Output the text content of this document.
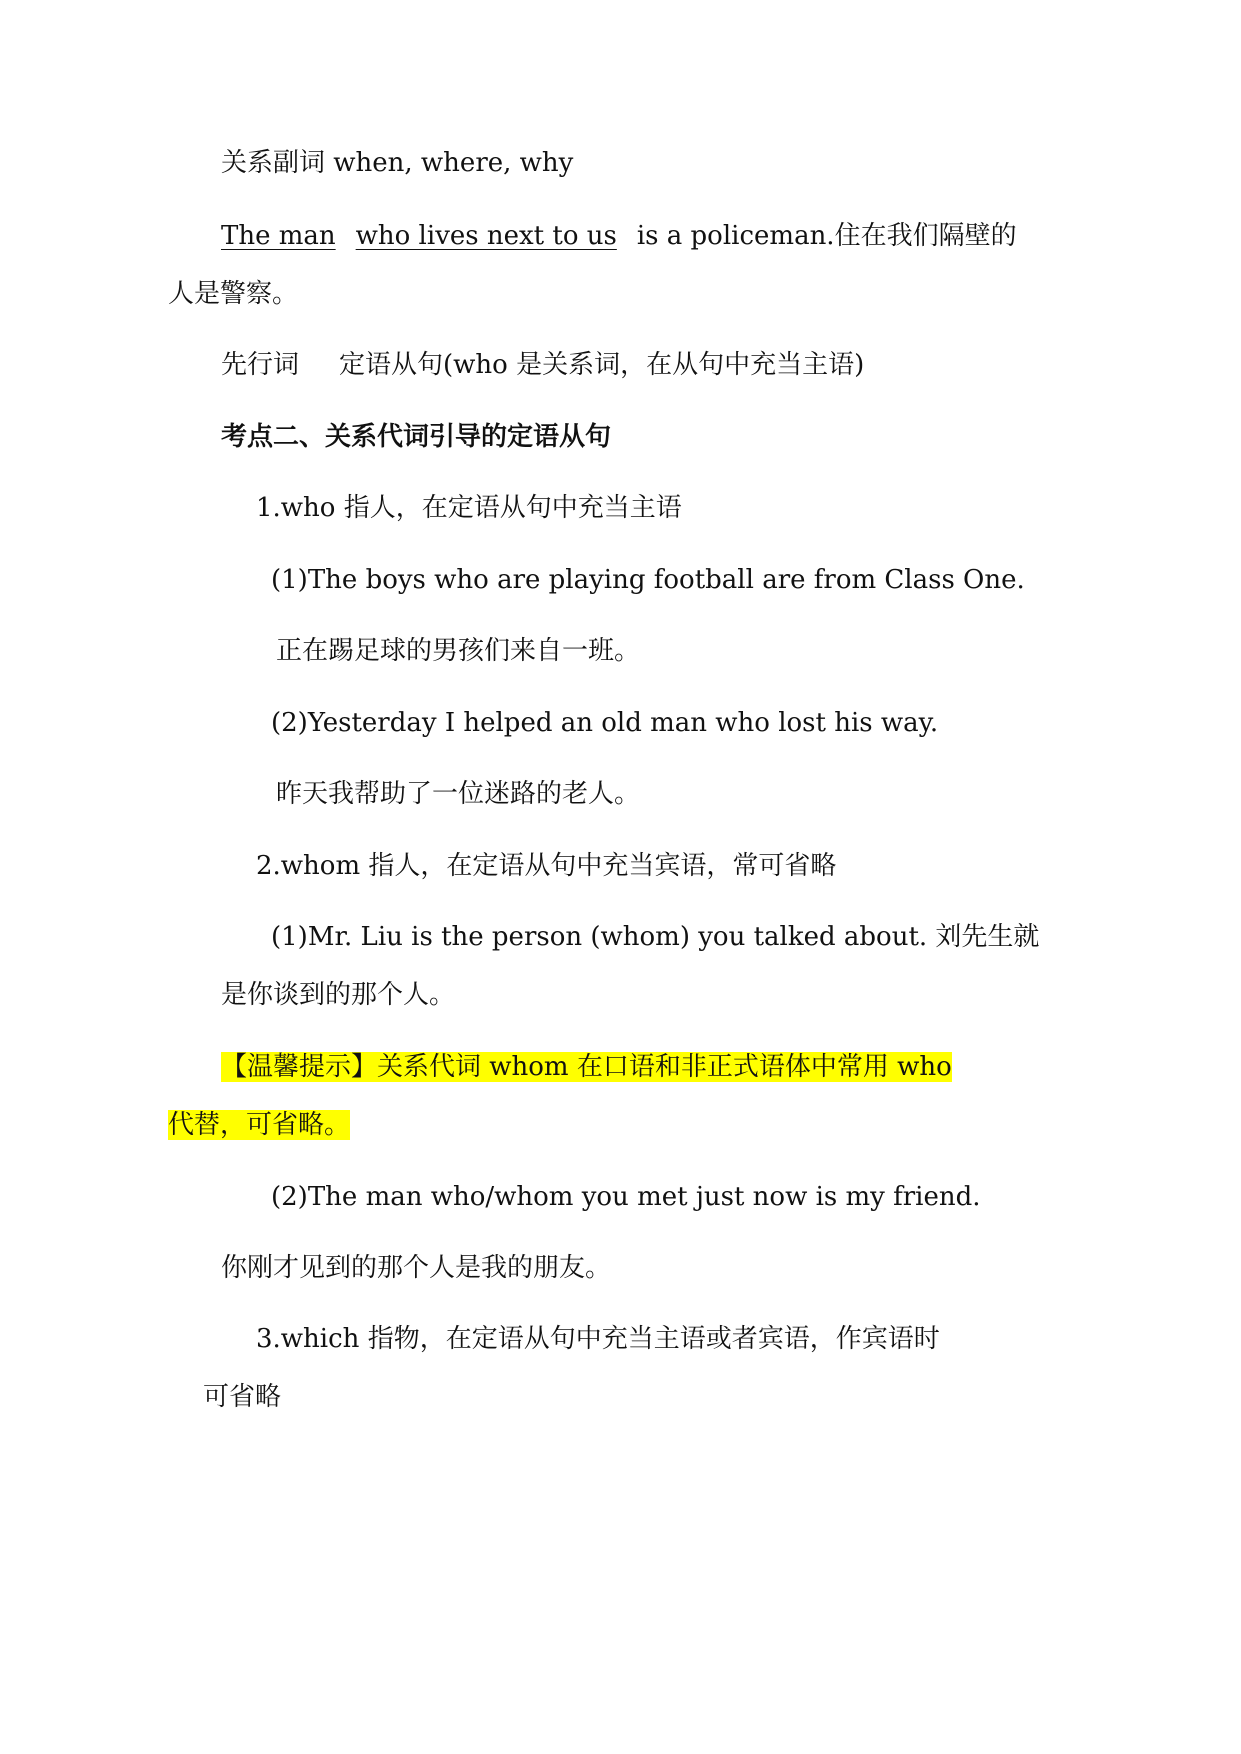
关系副词 when, where, why
The man who lives next to us is a policeman.住在我们隔壁的
人是警察。
先行词 定语从句(who 是关系词，在从句中充当主语)
考点二、关系代词引导的定语从句
1.who 指人，在定语从句中充当主语
(1)The boys who are playing football are from Class One.
正在踢足球的男孩们来自一班。
(2)Yesterday I helped an old man who lost his way.
昨天我帮助了一位迷路的老人。
2.whom 指人，在定语从句中充当宾语，常可省略
(1)Mr. Liu is the person (whom) you talked about. 刘先生就
是你谈到的那个人。
【温馨提示】关系代词 whom 在口语和非正式语体中常用 who
代替，可省略。
(2)The man who/whom you met just now is my friend.
你刚才见到的那个人是我的朋友。
3.which 指物，在定语从句中充当主语或者宾语，作宾语时
可省略
